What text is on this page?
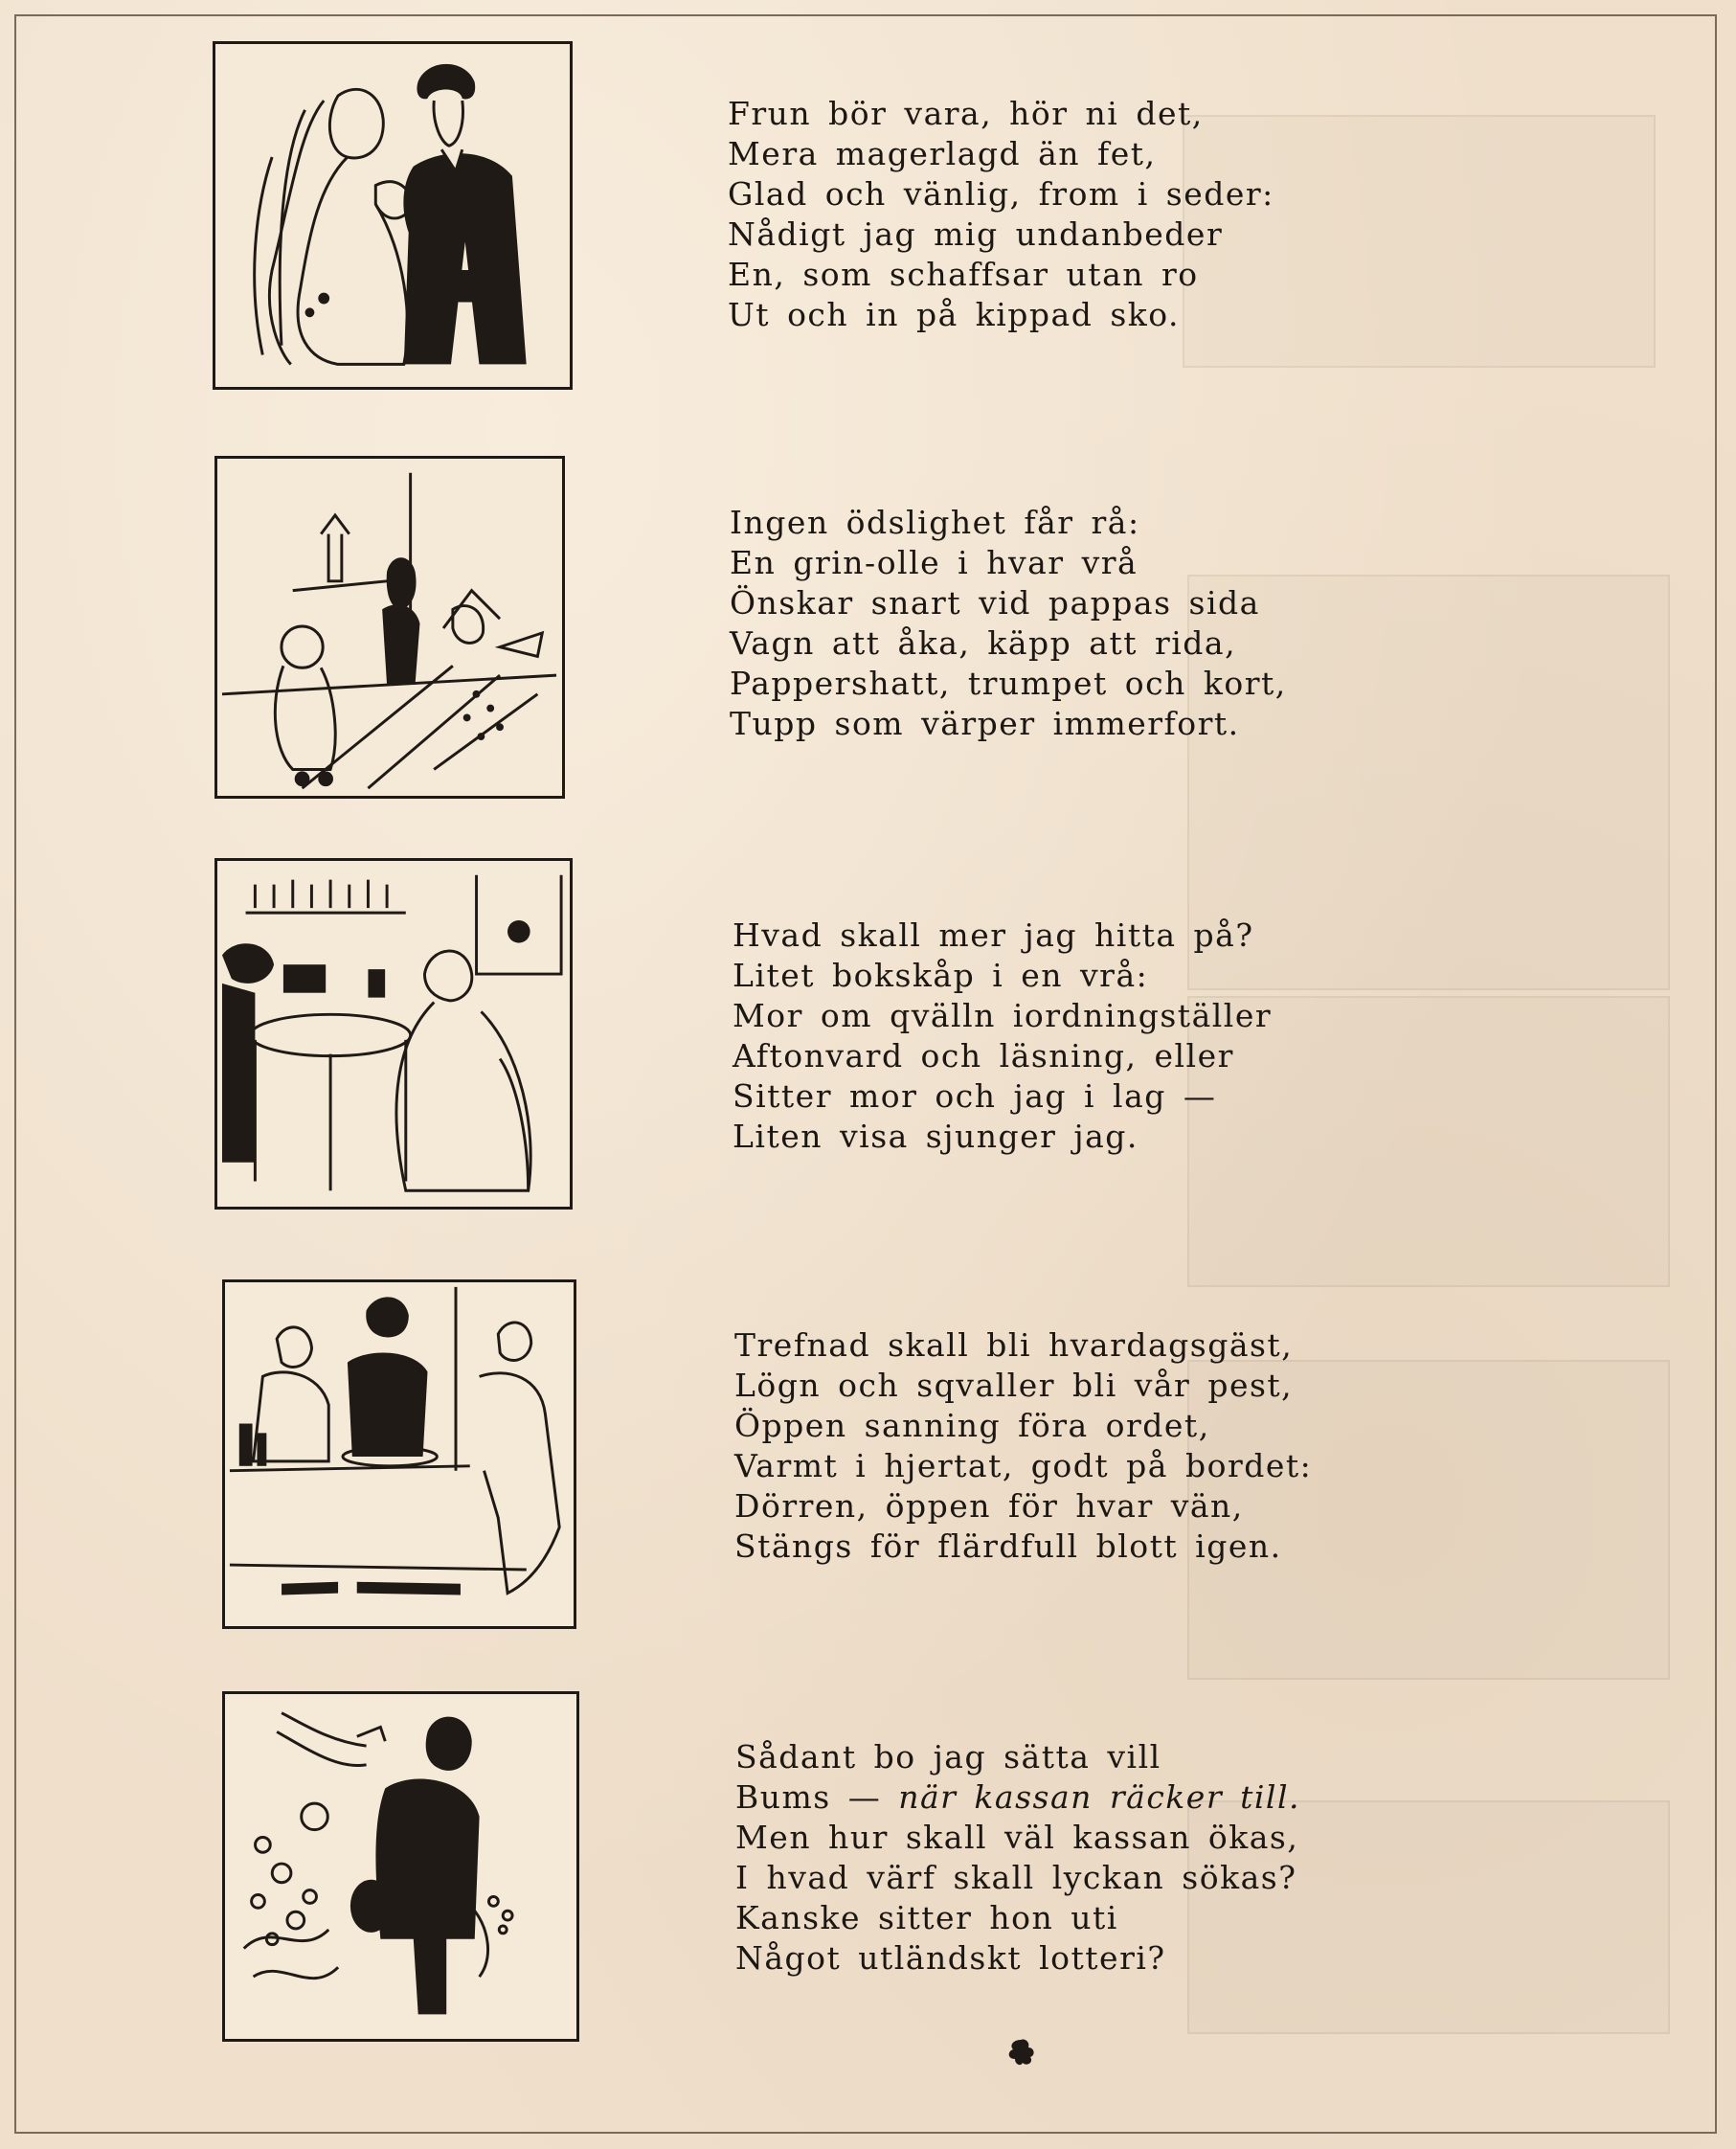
Frun bör vara, hör ni det,
Mera magerlagd än fet,
Glad och vänlig, from i seder:
Nådigt jag mig undanbeder
En, som schaffsar utan ro
Ut och in på kippad sko.
Ingen ödslighet får rå:
En grin-olle i hvar vrå
Önskar snart vid pappas sida
Vagn att åka, käpp att rida,
Pappershatt, trumpet och kort,
Tupp som värper immerfort.
Hvad skall mer jag hitta på?
Litet bokskåp i en vrå:
Mor om qvälln iordningställer
Aftonvard och läsning, eller
Sitter mor och jag i lag —
Liten visa sjunger jag.
Trefnad skall bli hvardagsgäst,
Lögn och sqvaller bli vår pest,
Öppen sanning föra ordet,
Varmt i hjertat, godt på bordet:
Dörren, öppen för hvar vän,
Stängs för flärdfull blott igen.
Sådant bo jag sätta vill
Bums — när kassan räcker till.
Men hur skall väl kassan ökas,
I hvad värf skall lyckan sökas?
Kanske sitter hon uti
Något utländskt lotteri?
